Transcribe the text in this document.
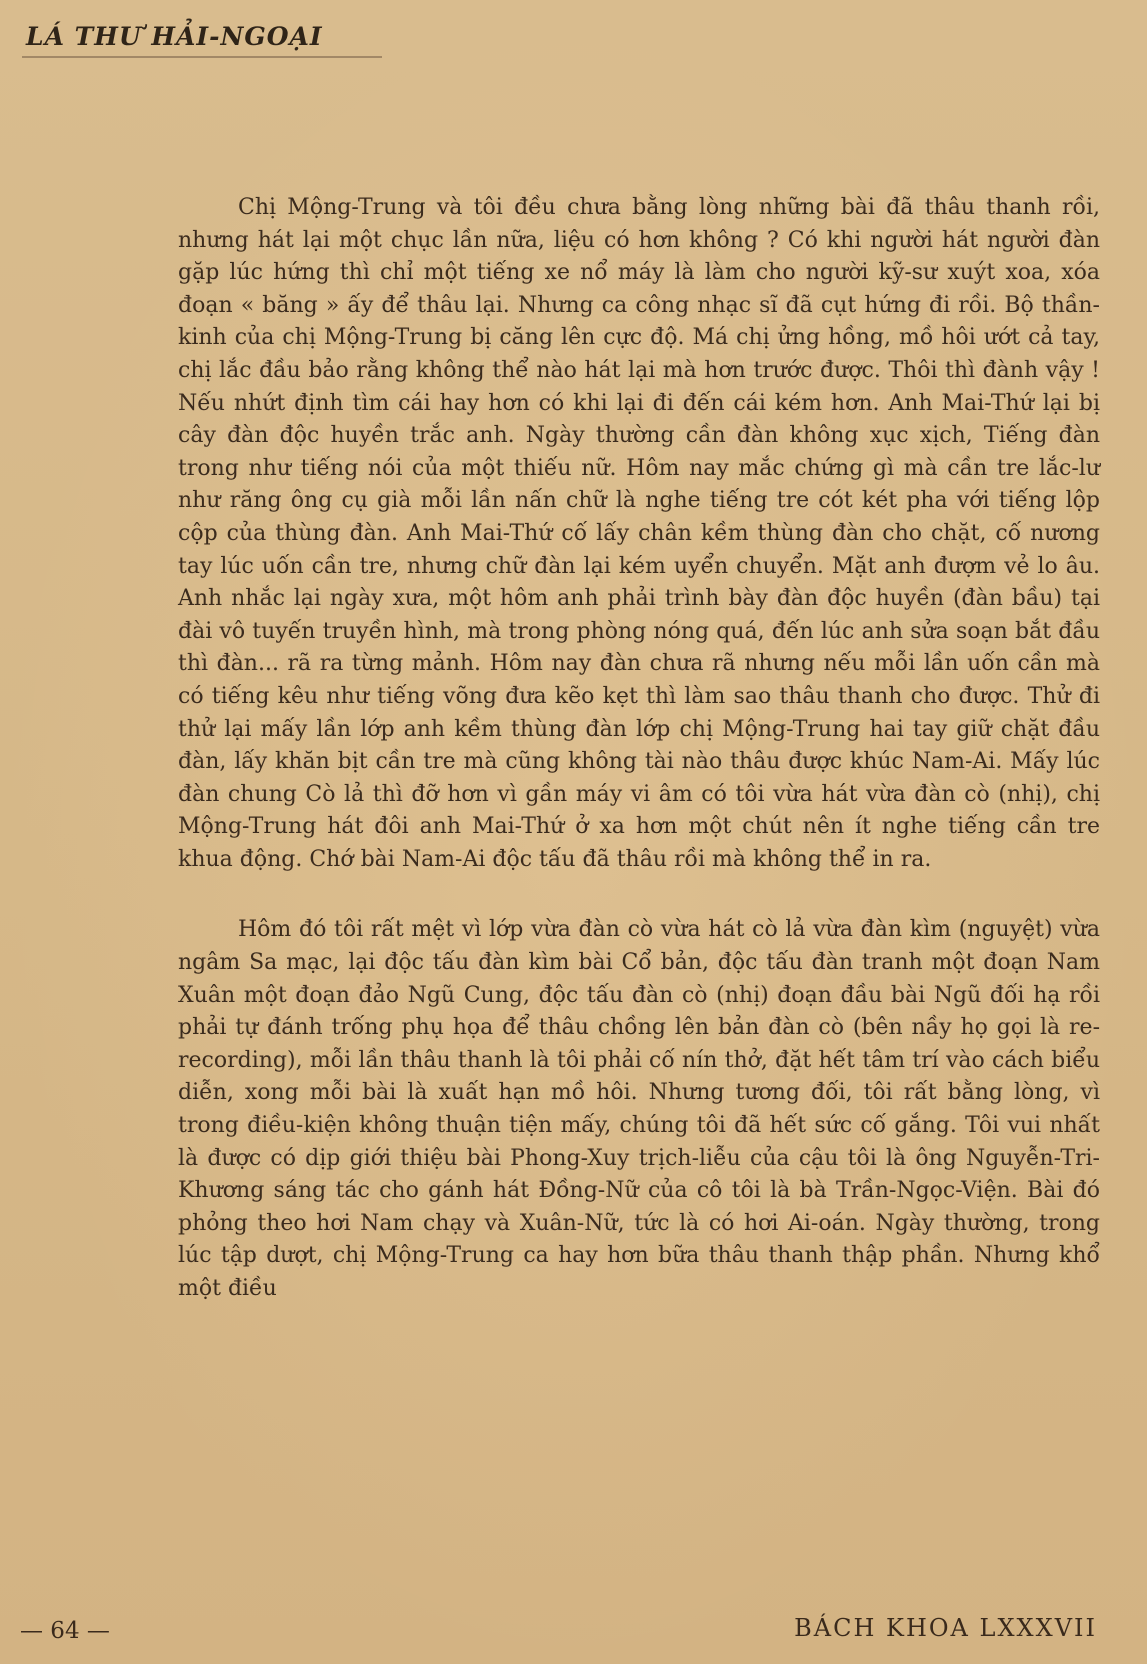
LÁ THƯ HẢI-NGOẠI

Chị Mộng-Trung và tôi đều chưa bằng lòng những bài đã thâu thanh rồi, nhưng hát lại một chục lần nữa, liệu có hơn không ? Có khi người hát người đàn gặp lúc hứng thì chỉ một tiếng xe nổ máy là làm cho người kỹ-sư xuýt xoa, xóa đoạn « băng » ấy để thâu lại. Nhưng ca công nhạc sĩ đã cụt hứng đi rồi. Bộ thần-kinh của chị Mộng-Trung bị căng lên cực độ. Má chị ửng hồng, mồ hôi ướt cả tay, chị lắc đầu bảo rằng không thể nào hát lại mà hơn trước được. Thôi thì đành vậy ! Nếu nhứt định tìm cái hay hơn có khi lại đi đến cái kém hơn. Anh Mai-Thứ lại bị cây đàn độc huyền trắc anh. Ngày thường cần đàn không xục xịch, Tiếng đàn trong như tiếng nói của một thiếu nữ. Hôm nay mắc chứng gì mà cần tre lắc-lư như răng ông cụ già mỗi lần nấn chữ là nghe tiếng tre cót két pha với tiếng lộp cộp của thùng đàn. Anh Mai-Thứ cố lấy chân kềm thùng đàn cho chặt, cố nương tay lúc uốn cần tre, nhưng chữ đàn lại kém uyển chuyển. Mặt anh đượm vẻ lo âu. Anh nhắc lại ngày xưa, một hôm anh phải trình bày đàn độc huyền (đàn bầu) tại đài vô tuyến truyền hình, mà trong phòng nóng quá, đến lúc anh sửa soạn bắt đầu thì đàn... rã ra từng mảnh. Hôm nay đàn chưa rã nhưng nếu mỗi lần uốn cần mà có tiếng kêu như tiếng võng đưa kẽo kẹt thì làm sao thâu thanh cho được. Thử đi thử lại mấy lần lớp anh kềm thùng đàn lớp chị Mộng-Trung hai tay giữ chặt đầu đàn, lấy khăn bịt cần tre mà cũng không tài nào thâu được khúc Nam-Ai. Mấy lúc đàn chung Cò lả thì đỡ hơn vì gần máy vi âm có tôi vừa hát vừa đàn cò (nhị), chị Mộng-Trung hát đôi anh Mai-Thứ ở xa hơn một chút nên ít nghe tiếng cần tre khua động. Chớ bài Nam-Ai độc tấu đã thâu rồi mà không thể in ra.

Hôm đó tôi rất mệt vì lớp vừa đàn cò vừa hát cò lả vừa đàn kìm (nguyệt) vừa ngâm Sa mạc, lại độc tấu đàn kìm bài Cổ bản, độc tấu đàn tranh một đoạn Nam Xuân một đoạn đảo Ngũ Cung, độc tấu đàn cò (nhị) đoạn đầu bài Ngũ đối hạ rồi phải tự đánh trống phụ họa để thâu chồng lên bản đàn cò (bên nầy họ gọi là re-recording), mỗi lần thâu thanh là tôi phải cố nín thở, đặt hết tâm trí vào cách biểu diễn, xong mỗi bài là xuất hạn mồ hôi. Nhưng tương đối, tôi rất bằng lòng, vì trong điều-kiện không thuận tiện mấy, chúng tôi đã hết sức cố gắng. Tôi vui nhất là được có dịp giới thiệu bài Phong-Xuy trịch-liễu của cậu tôi là ông Nguyễn-Tri-Khương sáng tác cho gánh hát Đồng-Nữ của cô tôi là bà Trần-Ngọc-Viện. Bài đó phỏng theo hơi Nam chạy và Xuân-Nữ, tức là có hơi Ai-oán. Ngày thường, trong lúc tập dượt, chị Mộng-Trung ca hay hơn bữa thâu thanh thập phần. Nhưng khổ một điều

— 64 —	BÁCH KHOA LXXXVII
